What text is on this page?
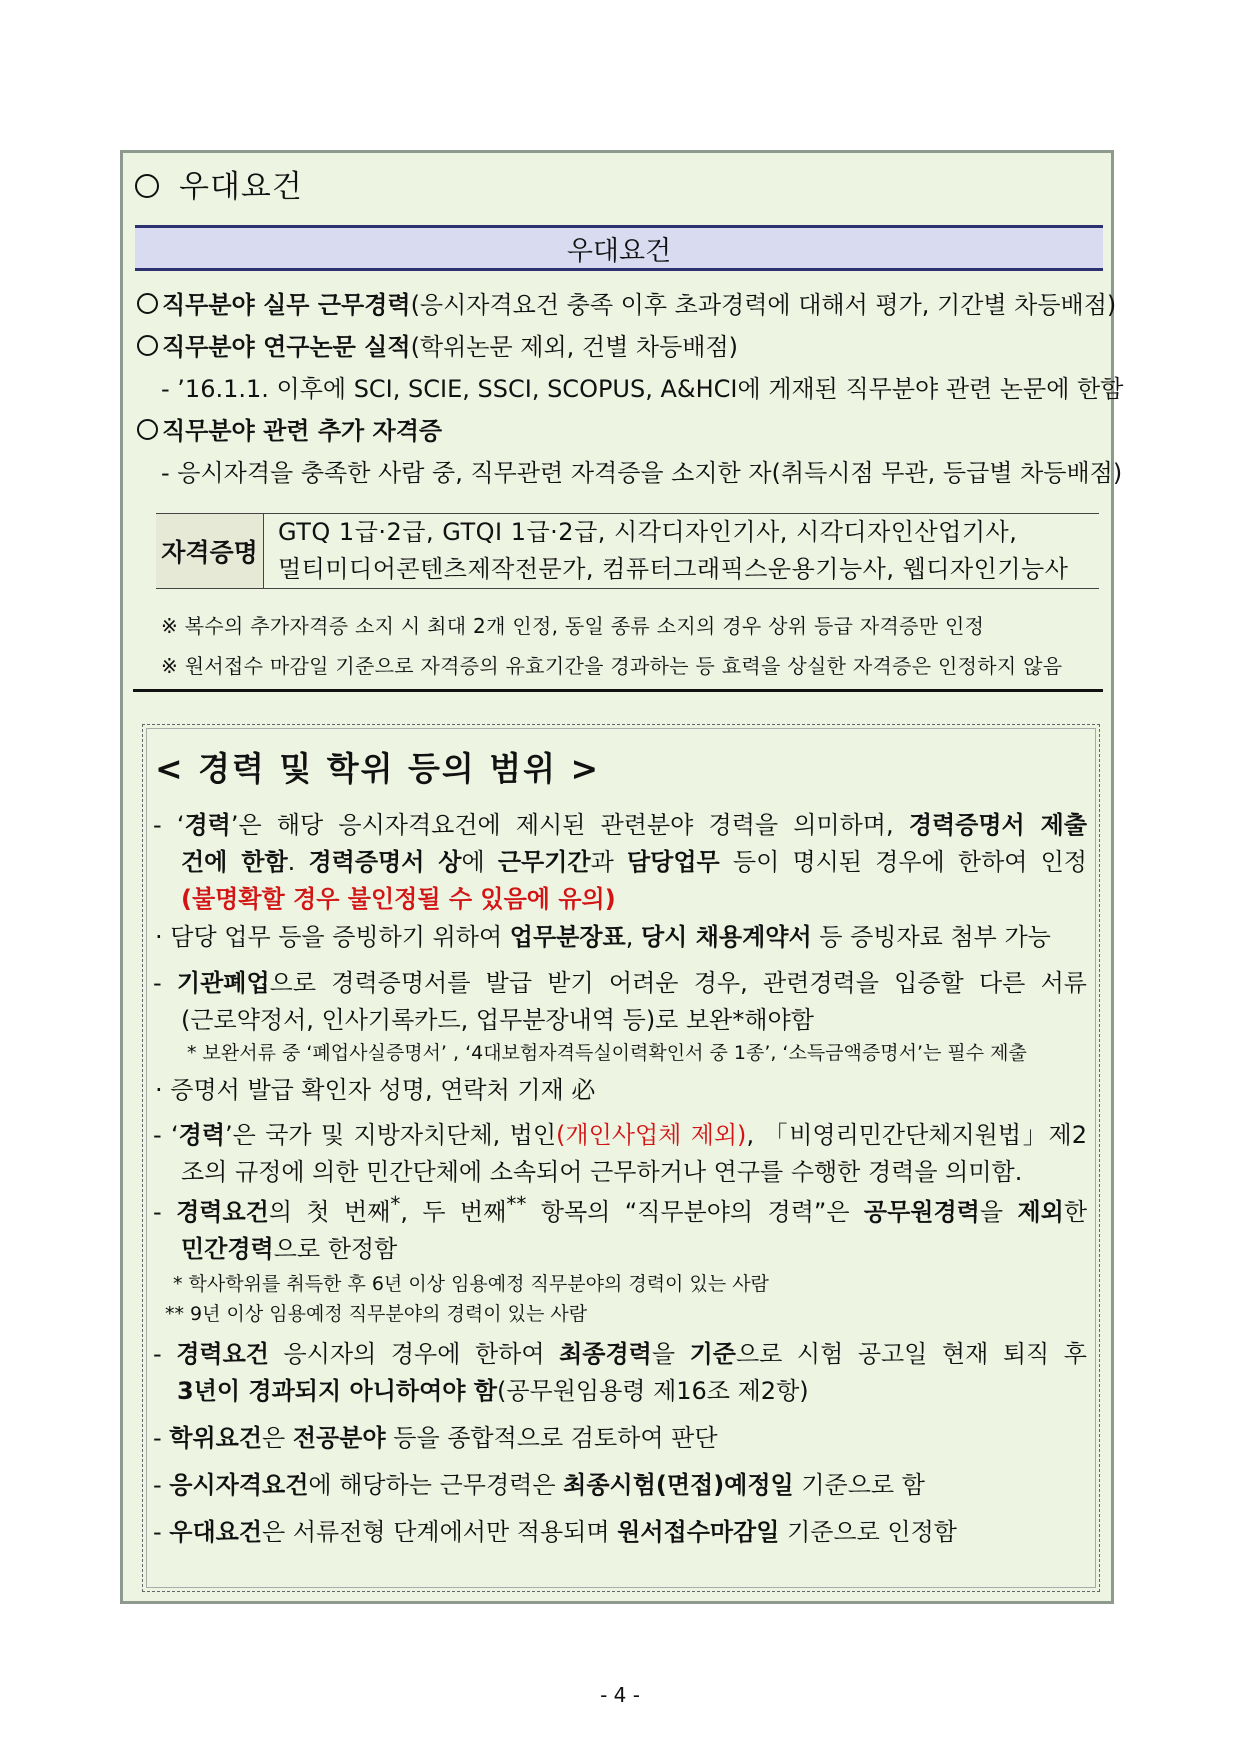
우대요건
우대요건
직무분야 실무 근무경력(응시자격요건 충족 이후 초과경력에 대해서 평가, 기간별 차등배점)
직무분야 연구논문 실적(학위논문 제외, 건별 차등배점)
- ’16.1.1. 이후에 SCI, SCIE, SSCI, SCOPUS, A&HCI에 게재된 직무분야 관련 논문에 한함
직무분야 관련 추가 자격증
- 응시자격을 충족한 사람 중, 직무관련 자격증을 소지한 자(취득시점 무관, 등급별 차등배점)
자격증명
GTQ 1급·2급, GTQI 1급·2급, 시각디자인기사, 시각디자인산업기사,
멀티미디어콘텐츠제작전문가, 컴퓨터그래픽스운용기능사, 웹디자인기능사
※ 복수의 추가자격증 소지 시 최대 2개 인정, 동일 종류 소지의 경우 상위 등급 자격증만 인정
※ 원서접수 마감일 기준으로 자격증의 유효기간을 경과하는 등 효력을 상실한 자격증은 인정하지 않음
< 경력 및 학위 등의 범위 >
- ‘경력’은 해당 응시자격요건에 제시된 관련분야 경력을 의미하며, 경력증명서 제출
건에 한함. 경력증명서 상에 근무기간과 담당업무 등이 명시된 경우에 한하여 인정
(불명확할 경우 불인정될 수 있음에 유의)
· 담당 업무 등을 증빙하기 위하여 업무분장표, 당시 채용계약서 등 증빙자료 첨부 가능
- 기관폐업으로 경력증명서를 발급 받기 어려운 경우, 관련경력을 입증할 다른 서류
(근로약정서, 인사기록카드, 업무분장내역 등)로 보완*해야함
* 보완서류 중 ‘폐업사실증명서’ , ‘4대보험자격득실이력확인서 중 1종’, ‘소득금액증명서’는 필수 제출
· 증명서 발급 확인자 성명, 연락처 기재 必
- ‘경력’은 국가 및 지방자치단체, 법인(개인사업체 제외), 「비영리민간단체지원법」제2
조의 규정에 의한 민간단체에 소속되어 근무하거나 연구를 수행한 경력을 의미함.
- 경력요건의 첫 번째*, 두 번째** 항목의 “직무분야의 경력”은 공무원경력을 제외한
민간경력으로 한정함
* 학사학위를 취득한 후 6년 이상 임용예정 직무분야의 경력이 있는 사람
** 9년 이상 임용예정 직무분야의 경력이 있는 사람
- 경력요건 응시자의 경우에 한하여 최종경력을 기준으로 시험 공고일 현재 퇴직 후
3년이 경과되지 아니하여야 함(공무원임용령 제16조 제2항)
- 학위요건은 전공분야 등을 종합적으로 검토하여 판단
- 응시자격요건에 해당하는 근무경력은 최종시험(면접)예정일 기준으로 함
- 우대요건은 서류전형 단계에서만 적용되며 원서접수마감일 기준으로 인정함
- 4 -
